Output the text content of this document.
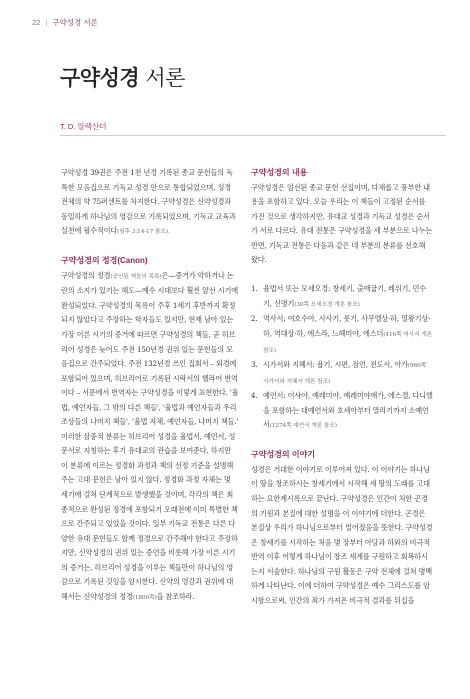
22 | 구약성경 서론
구약성경 서론
T. D. 알렉산더

구약성경 39권은 주전 1천 년경 기록된 종교 문헌들의 독특한 모음집으로 기독교 성경 안으로 통합되었으며, 성경 전체의 약 75퍼센트를 차지한다. 구약성경은 신약성경과 동일하게 하나님의 영감으로 기록되었으며, 기독교 교육과 실천에 필수적이다(딤후 3:14-17 참조).

구약성경의 정경(Canon)

구약성경의 정경(공인된 책들의 목록)은—증거가 약하거나 논란의 소지가 있기는 해도—예수 시대보다 훨씬 앞선 시기에 완성되었다. 구약성경의 목록이 주후 1세기 후반까지 확정되지 않았다고 주장하는 학자들도 있지만, 현재 남아 있는 가장 이른 시기의 증거에 따르면 구약성경의 책들, 곧 히브리어 성경은 늦어도 주전 150년경 권위 있는 문헌들의 모음집으로 간주되었다. 주전 132년경 쓰인 집회서 – 외경에 포함되어 있으며, 히브리어로 기록된 시락서의 헬라어 번역이다 – 서문에서 번역자는 구약성경을 이렇게 표현한다. '율법, 예언자들, 그 밖의 다른 책들', '율법과 예언자들과 우리 조상들의 나머지 책들', '율법 자체, 예언자들, 나머지 책들.' 이러한 삼중적 분류는 히브리어 성경을 율법서, 예언서, 성문서로 지칭하는 후기 유대교의 관습을 보여준다. 하지만 이 분류에 이르는 정경화 과정과 책의 선정 기준을 설명해 주는 고대 문헌은 남아 있지 않다. 정경화 과정 자체는 몇 세기에 걸쳐 단계적으로 발생했을 것이며, 각각의 책은 최종적으로 완성된 정경에 포함되기 오래전에 이미 특별한 책으로 간주되고 있었을 것이다. 일부 기독교 전통은 다른 다양한 유대 문헌들도 함께 정경으로 간주해야 한다고 주장하지만, 신약성경의 권위 있는 증언을 비롯해 가장 이른 시기의 증거는, 히브리어 성경을 이루는 책들만이 하나님의 영감으로 기록된 것임을 암시한다. 신약의 영감과 권위에 대해서는 신약성경의 정경(1800쪽)을 참조하라.

구약성경의 내용

구약성경은 엄선된 종교 문헌 선집이며, 다채롭고 풍부한 내용을 포함하고 있다. 오늘 우리는 이 책들이 고정된 순서를 가진 것으로 생각하지만, 유대교 성경과 기독교 성경은 순서가 서로 다르다. 유대 전통은 구약성경을 세 부분으로 나누는 반면, 기독교 전통은 다음과 같은 네 부분의 분류를 선호해 왔다.

1. 율법서 또는 모세오경: 창세기, 출애굽기, 레위기, 민수기, 신명기(30쪽 모세오경 개론 참조)
2. 역사서: 여호수아, 사사기, 룻기, 사무엘상·하, 열왕기상·하, 역대상·하, 에스라, 느헤미야, 에스더(416쪽 역사서 개론 참조)
3. 시가서와 지혜서: 욥기, 시편, 잠언, 전도서, 아가(960쪽 시가서와 지혜서 개론 참조)
4. 예언서: 이사야, 예레미야, 예레미야애가, 에스겔, 다니엘을 포함하는 대예언서와 호세아부터 말라기까지 소예언서(1274쪽 예언서 개론 참조)
구약성경의 이야기

성경은 거대한 이야기로 이루어져 있다. 이 이야기는 하나님이 땅을 창조하시는 창세기에서 시작해 새 땅의 도래를 고대하는 요한계시록으로 끝난다. 구약성경은 인간이 처한 곤경의 기원과 본질에 대한 설명을 이 이야기에 더한다. 곤경은 본질상 우리가 하나님으로부터 멀어졌음을 뜻한다. 구약성경은 창세기를 시작하는 처음 몇 장부터 아담과 하와의 비극적 반역 이후 어떻게 하나님이 창조 세계를 구원하고 회복하시는지 서술한다. 하나님의 구원 활동은 구약 전체에 걸쳐 명백하게 나타난다. 이에 더하여 구약성경은 예수 그리스도를 암시함으로써, 인간의 죄가 가져온 비극적 결과를 뒤집을
